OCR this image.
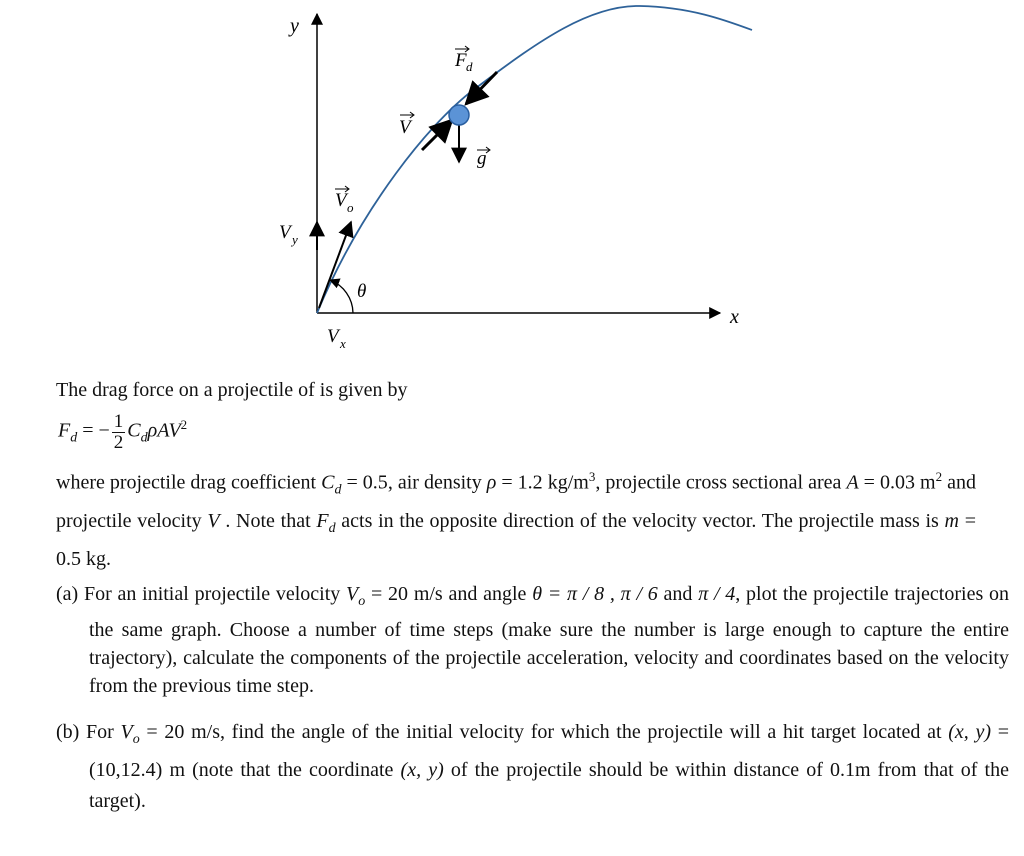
y
x
F d
V
g
V o
V y
V x
θ
The drag force on a projectile of is given by
$F_d$ = − $\frac{1}{2} C_d\rho AV^2$
where projectile drag coefficient $C_d = 0.5$, air density ρ = 1.2 $kg/m^3$, projectile cross sectional area A = 0.03 $m^2$ and projectile velocity V . Note that $F_d$ acts in the opposite direction of the velocity vector. The projectile mass is m = 0.5 kg.
(a) For an initial projectile velocity $V_o = 20$ m/s and angle θ = π / 8 , π / 6 and π / 4, plot the projectile trajectories on the same graph. Choose a number of time steps (make sure the number is large enough to capture the entire trajectory), calculate the components of the projectile acceleration, velocity and coordinates based on the velocity from the previous time step.
(b) For $V_o = 20$ m/s, find the angle of the initial velocity for which the projectile will a hit target located at (x, y) = (10,12.4) m (note that the coordinate (x, y) of the projectile should be within distance of 0.1m from that of the target).
